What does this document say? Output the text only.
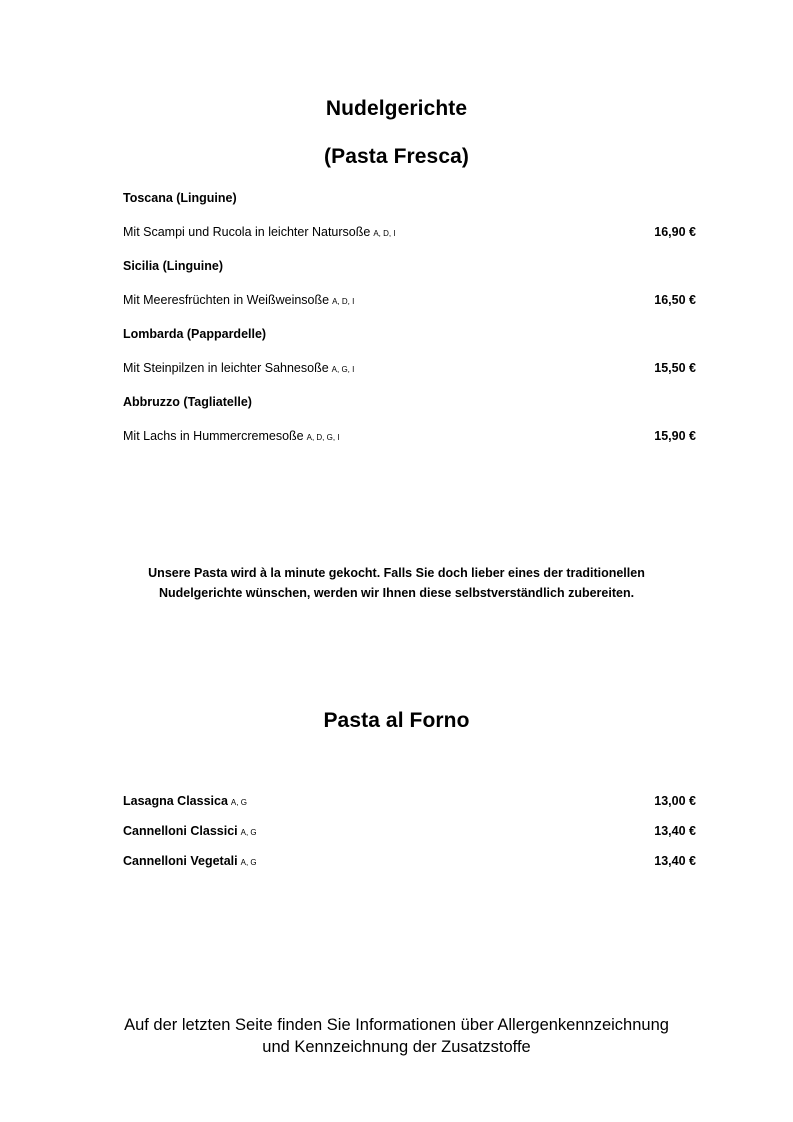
Nudelgerichte
(Pasta Fresca)

Toscana (Linguine)

Mit Scampi und Rucola in leichter Natursoße A, D, I	16,90 €

Sicilia (Linguine)

Mit Meeresfrüchten in Weißweinsoße A, D, I	16,50 €

Lombarda (Pappardelle)

Mit Steinpilzen in leichter Sahnesoße A, G, I	15,50 €

Abbruzzo (Tagliatelle)

Mit Lachs in Hummercremesoße A, D, G, I	15,90 €

Unsere Pasta wird à la minute gekocht. Falls Sie doch lieber eines der traditionellen
Nudelgerichte wünschen, werden wir Ihnen diese selbstverständlich zubereiten.

Pasta al Forno

Lasagna Classica A, G	13,00 €

Cannelloni Classici A, G	13,40 €

Cannelloni Vegetali A, G	13,40 €

Auf der letzten Seite finden Sie Informationen über Allergenkennzeichnung
und Kennzeichnung der Zusatzstoffe
